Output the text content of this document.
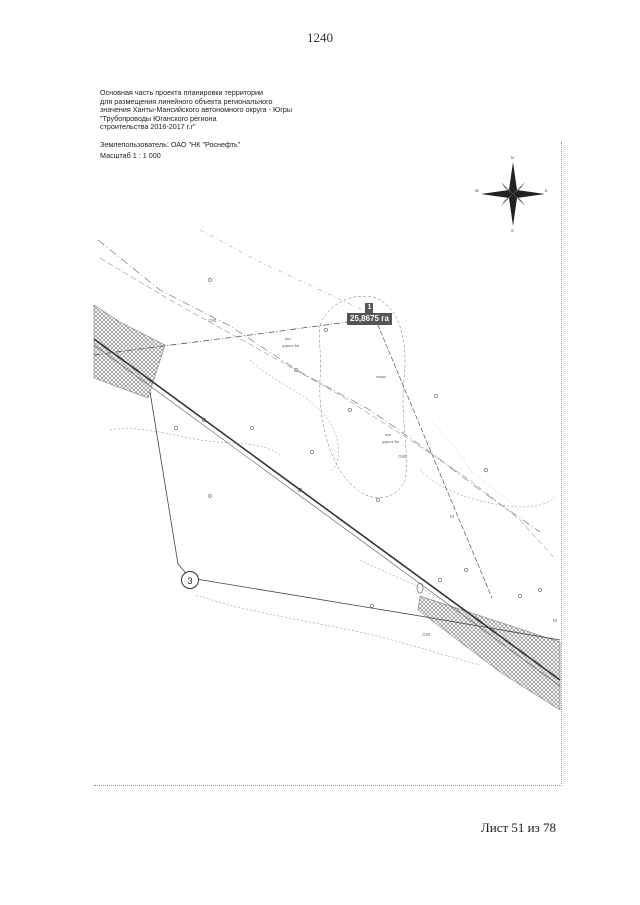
1240
ЛЭП
пол
дорога 4м
опора
пол
дорога 4м
ЛЭП
III
III
ЛЭП
Основная часть проекта планировки территории
для размещения линейного объекта регионального
значения Ханты-Мансийского автономного округа - Югры
"Трубопроводы Юганского региона
строительства 2016-2017 г.г"
Землепользователь: ОАО "НК "Роснефть"
Масштаб 1 : 1 000
1
25,8675 га
3
N
S
W	E
Лист 51 из 78
